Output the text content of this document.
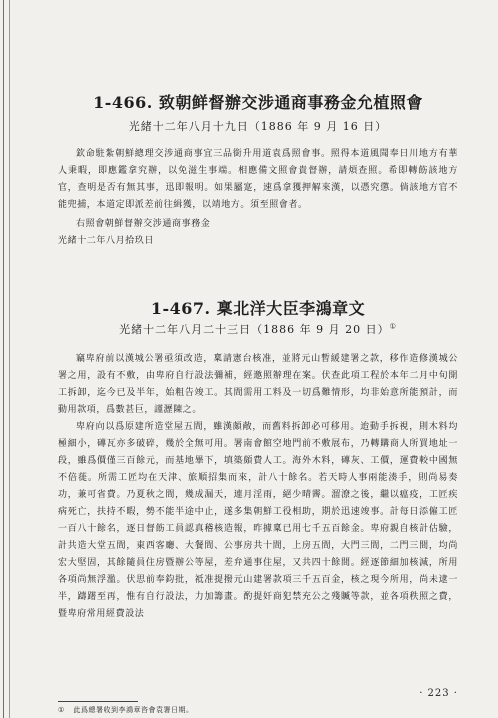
1-466. 致朝鲜督辦交涉通商事務金允植照會
光緒十二年八月十九日（1886 年 9 月 16 日）
欽命駐紮朝鮮總理交涉通商事宜三品銜升用道袁爲照會事。照得本道風聞奉日川地方有華人秉暇，即應鑑拿究辦，以免滋生事端。相應備文照會貴督辦，請煩查照。希即轉飭該地方官，查明是否有無其事，迅即報明。如果屬寔，速爲拿獲押解來漢，以憑究懲。倘該地方官不能兜捕，本道定即派差前往緝獲，以靖地方。須至照會者。
右照會朝鮮督辦交涉通商事務金
光緒十二年八月拾玖日
1-467. 稟北洋大臣李鴻章文
光緒十二年八月二十三日（1886 年 9 月 20 日）①
竊卑府前以漢城公署亟須改造，稟請憲台核准，並將元山暫緩建署之款，移作造修漢城公署之用，設有不敷，由卑府自行設法彌補，經邀照辦理在案。伏查此項工程於本年二月中旬開工拆卸，迄今已及半年，始粗告竣工。其間需用工料及一切爲難情形，均非始意所能預計，而動用款項，爲數甚巨，謹瀝陳之。
卑府向以爲原建所造堂屋五間，雖漢頗敞，而舊料拆卸必可移用。迨動手拆視，則木料均極細小，磚瓦亦多破碎，幾於全無可用。署南會館空地門前不敷展布，乃轉購商人所買地址一段，雖爲價僅三百餘元，而基地畢下，填築頗費人工。海外木料，磚灰、工價，運費較中國無不倍蓰。所需工匠均在天津、旅順招集而來，計八十餘名。若天時人事兩能湊手，則尚易奏功，兼可省費。乃夏秋之間，幾成漏天，連月淫雨，絕少晴霽。溜潦之後，繼以瘟疫，工匠疾病死亡，扶持不暇，勢不能半途中止，遂多集朝鮮工役相助，期於迅速竣事。計每日添僱工匠一百八十餘名，逐日督飭工員認真稽核造報，昨據稟已用七千五百餘金。卑府親自核計估驗，計共造大堂五間，東西客廳、大餐間、公事房共十間，上房五間，大門三間，二門三間，均尚宏大堅固，其餘隨員住房暨辦公等屋，差弁通事住屋，又共四十餘間。經逐節細加核減，所用各項尚無浮濫。伏思前奉鈞批，祗准提撥元山建署款項三千五百金，核之現今所用，尚未逮一半，躊躇至再，惟有自行設法，力加籌畫。酌提奸商犯禁充公之殘贓等款，並各項秩照之費，暨卑府常用經費設法
① 此爲總署收到李鴻章咨會袁署日期。
· 223 ·
